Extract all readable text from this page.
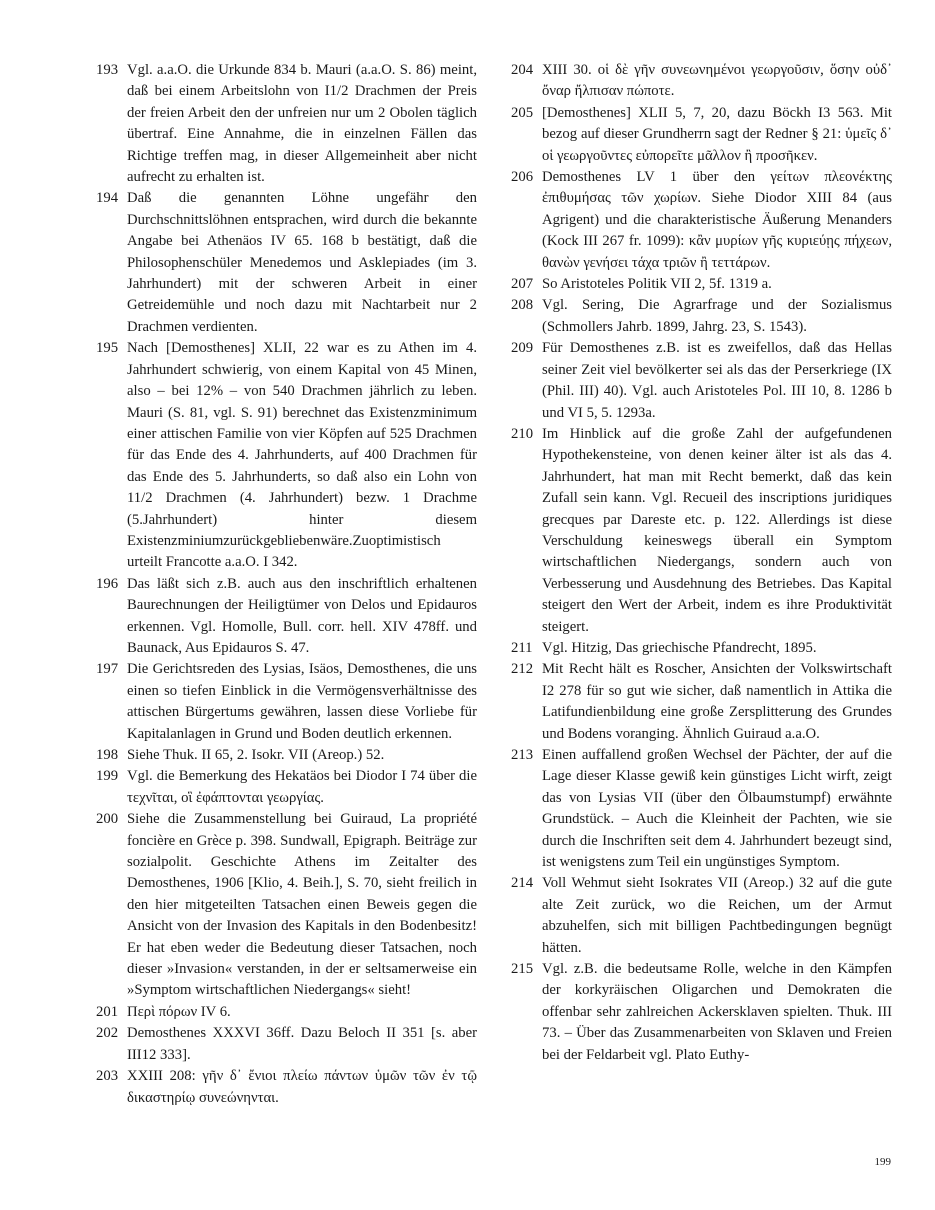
193 Vgl. a.a.O. die Urkunde 834 b. Mauri (a.a.O. S. 86) meint, daß bei einem Arbeitslohn von I1/2 Drachmen der Preis der freien Arbeit den der unfreien nur um 2 Obolen täglich übertraf. Eine Annahme, die in einzelnen Fällen das Richtige treffen mag, in dieser Allgemeinheit aber nicht aufrecht zu erhalten ist.

194 Daß die genannten Löhne ungefähr den Durchschnittslöhnen entsprachen, wird durch die bekannte Angabe bei Athenäos IV 65. 168 b bestätigt, daß die Philosophenschüler Menedemos und Asklepiades (im 3. Jahrhundert) mit der schweren Arbeit in einer Getreidemühle und noch dazu mit Nachtarbeit nur 2 Drachmen verdienten.

195 Nach [Demosthenes] XLII, 22 war es zu Athen im 4. Jahrhundert schwierig, von einem Kapital von 45 Minen, also – bei 12% – von 540 Drachmen jährlich zu leben. Mauri (S. 81, vgl. S. 91) berechnet das Existenzminimum einer attischen Familie von vier Köpfen auf 525 Drachmen für das Ende des 4. Jahrhunderts, auf 400 Drachmen für das Ende des 5. Jahrhunderts, so daß also ein Lohn von 11/2 Drachmen (4. Jahrhundert) bezw. 1 Drachme (5.Jahrhundert) hinter diesem Existenzminiumzurückgebliebenwäre.Zuoptimistisch urteilt Francotte a.a.O. I 342.

196 Das läßt sich z.B. auch aus den inschriftlich erhaltenen Baurechnungen der Heiligtümer von Delos und Epidauros erkennen. Vgl. Homolle, Bull. corr. hell. XIV 478ff. und Baunack, Aus Epidauros S. 47.

197 Die Gerichtsreden des Lysias, Isäos, Demosthenes, die uns einen so tiefen Einblick in die Vermögensverhältnisse des attischen Bürgertums gewähren, lassen diese Vorliebe für Kapitalanlagen in Grund und Boden deutlich erkennen.

198 Siehe Thuk. II 65, 2. Isokr. VII (Areop.) 52.

199 Vgl. die Bemerkung des Hekatäos bei Diodor I 74 über die τεχνῖται, οἳ ἐφάπτονται γεωργίας.

200 Siehe die Zusammenstellung bei Guiraud, La propriété foncière en Grèce p. 398. Sundwall, Epigraph. Beiträge zur sozialpolit. Geschichte Athens im Zeitalter des Demosthenes, 1906 [Klio, 4. Beih.], S. 70, sieht freilich in den hier mitgeteilten Tatsachen einen Beweis gegen die Ansicht von der Invasion des Kapitals in den Bodenbesitz! Er hat eben weder die Bedeutung dieser Tatsachen, noch dieser »Invasion« verstanden, in der er seltsamerweise ein »Symptom wirtschaftlichen Niedergangs« sieht!

201 Περὶ πόρων IV 6.

202 Demosthenes XXXVI 36ff. Dazu Beloch II 351 [s. aber III12 333].

203 XXIII 208: γῆν δ᾽ ἔνιοι πλείω πάντων ὑμῶν τῶν ἐν τῷ δικαστηρίῳ συνεώνηνται.

204 XIII 30. οἱ δὲ γῆν συνεωνημένοι γεωργοῦσιν, ὅσην οὐδ᾽ ὄναρ ἤλπισαν πώποτε.

205 [Demosthenes] XLII 5, 7, 20, dazu Böckh I3 563. Mit bezog auf dieser Grundherrn sagt der Redner § 21: ὑμεῖς δ᾽ οἱ γεωργοῦντες εὐπορεῖτε μᾶλλον ἢ προσῆκεν.

206 Demosthenes LV 1 über den γείτων πλεονέκτης ἐπιθυμήσας τῶν χωρίων. Siehe Diodor XIII 84 (aus Agrigent) und die charakteristische Äußerung Menanders (Kock III 267 fr. 1099): κἂν μυρίων γῆς κυριεύῃς πήχεων, θανὼν γενήσει τάχα τριῶν ἢ τεττάρων.

207 So Aristoteles Politik VII 2, 5f. 1319 a.

208 Vgl. Sering, Die Agrarfrage und der Sozialismus (Schmollers Jahrb. 1899, Jahrg. 23, S. 1543).

209 Für Demosthenes z.B. ist es zweifellos, daß das Hellas seiner Zeit viel bevölkerter sei als das der Perserkriege (IX (Phil. III) 40). Vgl. auch Aristoteles Pol. III 10, 8. 1286 b und VI 5, 5. 1293a.

210 Im Hinblick auf die große Zahl der aufgefundenen Hypothekensteine, von denen keiner älter ist als das 4. Jahrhundert, hat man mit Recht bemerkt, daß das kein Zufall sein kann. Vgl. Recueil des inscriptions juridiques grecques par Dareste etc. p. 122. Allerdings ist diese Verschuldung keineswegs überall ein Symptom wirtschaftlichen Niedergangs, sondern auch von Verbesserung und Ausdehnung des Betriebes. Das Kapital steigert den Wert der Arbeit, indem es ihre Produktivität steigert.

211 Vgl. Hitzig, Das griechische Pfandrecht, 1895.

212 Mit Recht hält es Roscher, Ansichten der Volkswirtschaft I2 278 für so gut wie sicher, daß namentlich in Attika die Latifundienbildung eine große Zersplitterung des Grundes und Bodens voranging. Ähnlich Guiraud a.a.O.

213 Einen auffallend großen Wechsel der Pächter, der auf die Lage dieser Klasse gewiß kein günstiges Licht wirft, zeigt das von Lysias VII (über den Ölbaumstumpf) erwähnte Grundstück. – Auch die Kleinheit der Pachten, wie sie durch die Inschriften seit dem 4. Jahrhundert bezeugt sind, ist wenigstens zum Teil ein ungünstiges Symptom.

214 Voll Wehmut sieht Isokrates VII (Areop.) 32 auf die gute alte Zeit zurück, wo die Reichen, um der Armut abzuhelfen, sich mit billigen Pachtbedingungen begnügt hätten.

215 Vgl. z.B. die bedeutsame Rolle, welche in den Kämpfen der korkyräischen Oligarchen und Demokraten die offenbar sehr zahlreichen Ackersklaven spielten. Thuk. III 73. – Über das Zusammenarbeiten von Sklaven und Freien bei der Feldarbeit vgl. Plato Euthy-

199
